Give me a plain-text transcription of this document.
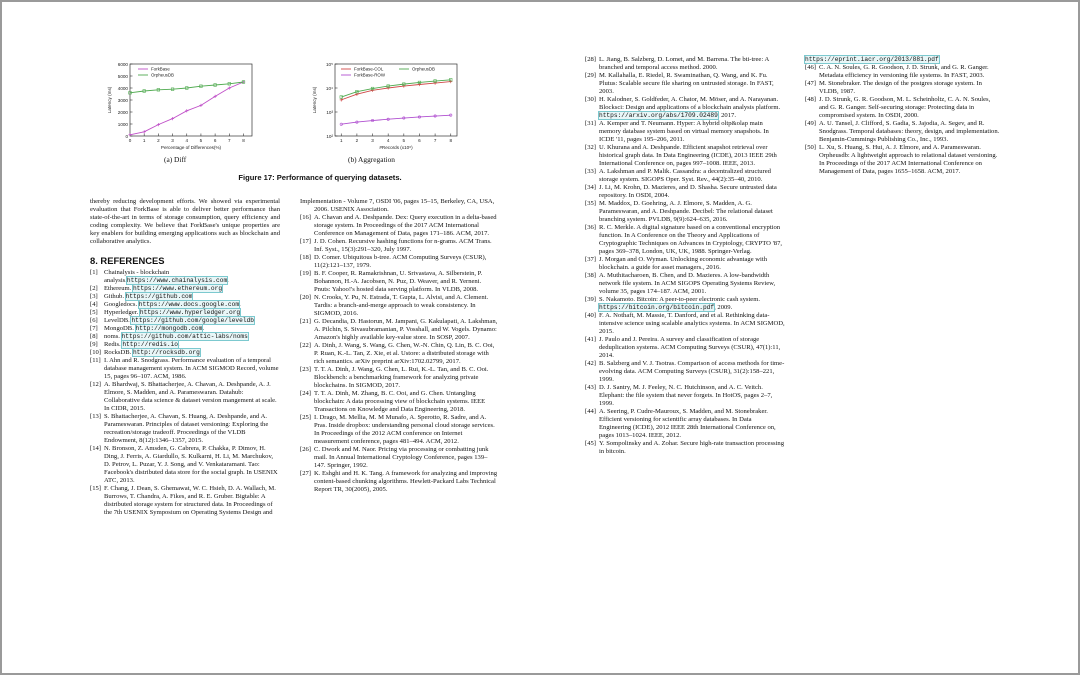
0
1000
2000
3000
4000
5000
6000
0	1	2	3	4	5	6	7	8
Percentage of Differences(%)
Latency (ms)
ForkBase
OrpheusDB
10²
10³
10⁴
10⁵
1	2	3	4	5	6	7	8
#Records (x10⁶)
Latency (ms)
ForkBase-COL	OrpheusDB
ForkBase-ROW
(a) Diff	(b) Aggregation
Figure 17: Performance of querying datasets.

thereby reducing development efforts. We showed via experimental evaluation that ForkBase is able to deliver better performance than state-of-the-art in terms of storage consumption, query efficiency and coding complexity. We believe that ForkBase's unique properties are key enablers for building emerging applications such as blockchain and collaborative analytics.

8. REFERENCES

[1] Chainalysis - blockchain analysis.https://www.chainalysis.com.

[2] Ethereum. https://www.ethereum.org

[3] Github. https://github.com

[4] Googledocs. https://www.docs.google.com.

[5] Hyperledger. https://www.hyperledger.org

[6] LevelDB. https://github.com/google/leveldb

[7] MongoDB. http://mongodb.com.

[8] noms. https://github.com/attic-labs/noms.

[9] Redis. http://redis.io.

[10] RocksDB. http://rocksdb.org.

[11] I. Ahn and R. Snodgrass. Performance evaluation of a temporal database management system. In ACM SIGMOD Record, volume 15, pages 96–107. ACM, 1986.

[12] A. Bhardwaj, S. Bhattacherjee, A. Chavan, A. Deshpande, A. J. Elmore, S. Madden, and A. Parameswaran. Datahub: Collaborative data science & dataset version mangement at scale. In CIDR, 2015.

[13] S. Bhattacherjee, A. Chavan, S. Huang, A. Deshpande, and A. Parameswaran. Principles of dataset versioning: Exploring the recreation/storage tradeoff. Proceedings of the VLDB Endowment, 8(12):1346–1357, 2015.

[14] N. Bronson, Z. Amsden, G. Cabrera, P. Chakka, P. Dimov, H. Ding, J. Ferris, A. Giardullo, S. Kulkarni, H. Li, M. Marchukov, D. Petrov, L. Puzar, Y. J. Song, and V. Venkataramani. Tao: Facebook's distributed data store for the social graph. In USENIX ATC, 2013.

[15] F. Chang, J. Dean, S. Ghemawat, W. C. Hsieh, D. A. Wallach, M. Burrows, T. Chandra, A. Fikes, and R. E. Gruber. Bigtable: A distributed storage system for structured data. In Proceedings of the 7th USENIX Symposium on Operating Systems Design and

Implementation - Volume 7, OSDI '06, pages 15–15, Berkeley, CA, USA, 2006. USENIX Association.

[16] A. Chavan and A. Deshpande. Dex: Query execution in a delta-based storage system. In Proceedings of the 2017 ACM International Conference on Management of Data, pages 171–186. ACM, 2017.

[17] J. D. Cohen. Recursive hashing functions for n-grams. ACM Trans. Inf. Syst., 15(3):291–320, July 1997.

[18] D. Comer. Ubiquitous b-tree. ACM Computing Surveys (CSUR), 11(2):121–137, 1979.

[19] B. F. Cooper, R. Ramakrishnan, U. Srivastava, A. Silberstein, P. Bohannon, H.-A. Jacobsen, N. Puz, D. Weaver, and R. Yerneni. Pnuts: Yahoo!'s hosted data serving platform. In VLDB, 2008.

[20] N. Crooks, Y. Pu, N. Estrada, T. Gupta, L. Alvisi, and A. Clement. Tardis: a branch-and-merge approach to weak consistency. In SIGMOD, 2016.

[21] G. Decandia, D. Hastorun, M. Jampani, G. Kakulapati, A. Lakshman, A. Pilchin, S. Sivasubramanian, P. Vosshall, and W. Vogels. Dynamo: Amazon's highly available key-value store. In SOSP, 2007.

[22] A. Dinh, J. Wang, S. Wang, G. Chen, W.-N. Chin, Q. Lin, B. C. Ooi, P. Ruan, K.-L. Tan, Z. Xie, et al. Ustore: a distributed storage with rich semantics. arXiv preprint arXiv:1702.02799, 2017.

[23] T. T. A. Dinh, J. Wang, G. Chen, L. Rui, K.-L. Tan, and B. C. Ooi. Blockbench: a benchmarking framework for analyzing private blockchains. In SIGMOD, 2017.

[24] T. T. A. Dinh, M. Zhang, B. C. Ooi, and G. Chen. Untangling blockchain: A data processing view of blockchain systems. IEEE Transactions on Knowledge and Data Engineering, 2018.

[25] I. Drago, M. Mellia, M. M Munafo, A. Sperotto, R. Sadre, and A. Pras. Inside dropbox: understanding personal cloud storage services. In Proceedings of the 2012 ACM conference on Internet measurement conference, pages 481–494. ACM, 2012.

[26] C. Dwork and M. Naor. Pricing via processing or combatting junk mail. In Annual International Cryptology Conference, pages 139–147. Springer, 1992.

[27] K. Eshghi and H. K. Tang. A framework for analyzing and improving content-based chunking algorithms. Hewlett-Packard Labs Technical Report TR, 30(2005), 2005.

[28] L. Jiang, B. Salzberg, D. Lomet, and M. Barrena. The bti-tree: A branched and temporal access method. 2000.

[29] M. Kallahalla, E. Riedel, R. Swaminathan, Q. Wang, and K. Fu. Plutus: Scalable secure file sharing on untrusted storage. In FAST, 2003.

[30] H. Kalodner, S. Goldfeder, A. Chator, M. Möser, and A. Narayanan. Blocksci: Design and applications of a blockchain analysis platform. https://arxiv.org/abs/1709.02489, 2017.

[31] A. Kemper and T. Neumann. Hyper: A hybrid oltp&olap main memory database system based on virtual memory snapshots. In ICDE '11, pages 195–206, 2011.

[32] U. Khurana and A. Deshpande. Efficient snapshot retrieval over historical graph data. In Data Engineering (ICDE), 2013 IEEE 29th International Conference on, pages 997–1008. IEEE, 2013.

[33] A. Lakshman and P. Malik. Cassandra: a decentralized structured storage system. SIGOPS Oper. Syst. Rev., 44(2):35–40, 2010.

[34] J. Li, M. Krohn, D. Mazieres, and D. Shasha. Secure untrusted data repository. In OSDI, 2004.

[35] M. Maddox, D. Goehring, A. J. Elmore, S. Madden, A. G. Parameswaran, and A. Deshpande. Decibel: The relational dataset branching system. PVLDB, 9(9):624–635, 2016.

[36] R. C. Merkle. A digital signature based on a conventional encryption function. In A Conference on the Theory and Applications of Cryptographic Techniques on Advances in Cryptology, CRYPTO '87, pages 369–378, London, UK, UK, 1988. Springer-Verlag.

[37] J. Morgan and O. Wyman. Unlocking economic advantage with blockchain. a guide for asset managers., 2016.

[38] A. Muthitacharoen, B. Chen, and D. Mazieres. A low-bandwidth network file system. In ACM SIGOPS Operating Systems Review, volume 35, pages 174–187. ACM, 2001.

[39] S. Nakamoto. Bitcoin: A peer-to-peer electronic cash system. https://bitcoin.org/bitcoin.pdf, 2009.

[40] F. A. Nothaft, M. Massie, T. Danford, and et al. Rethinking data-intensive science using scalable analytics systems. In ACM SIGMOD, 2015.

[41] J. Paulo and J. Pereira. A survey and classification of storage deduplication systems. ACM Computing Surveys (CSUR), 47(1):11, 2014.

[42] B. Salzberg and V. J. Tsotras. Comparison of access methods for time-evolving data. ACM Computing Surveys (CSUR), 31(2):158–221, 1999.

[43] D. J. Santry, M. J. Feeley, N. C. Hutchinson, and A. C. Veitch. Elephant: the file system that never forgets. In HotOS, pages 2–7, 1999.

[44] A. Seering, P. Cudre-Mauroux, S. Madden, and M. Stonebraker. Efficient versioning for scientific array databases. In Data Engineering (ICDE), 2012 IEEE 28th International Conference on, pages 1013–1024. IEEE, 2012.

[45] Y. Sompolinsky and A. Zohar. Secure high-rate transaction processing in bitcoin.

https://eprint.iacr.org/2013/881.pdf.

[46] C. A. N. Soules, G. R. Goodson, J. D. Strunk, and G. R. Ganger. Metadata efficiency in versioning file systems. In FAST, 2003.

[47] M. Stonebraker. The design of the postgres storage system. In VLDB, 1987.

[48] J. D. Strunk, G. R. Goodson, M. L. Scheinholtz, C. A. N. Soules, and G. R. Ganger. Self-securing storage: Protecting data in compromised system. In OSDI, 2000.

[49] A. U. Tansel, J. Clifford, S. Gadia, S. Jajodia, A. Segev, and R. Snodgrass. Temporal databases: theory, design, and implementation. Benjamin-Cummings Publishing Co., Inc., 1993.

[50] L. Xu, S. Huang, S. Hui, A. J. Elmore, and A. Parameswaran. Orpheusdb: A lightweight approach to relational dataset versioning. In Proceedings of the 2017 ACM International Conference on Management of Data, pages 1655–1658. ACM, 2017.
